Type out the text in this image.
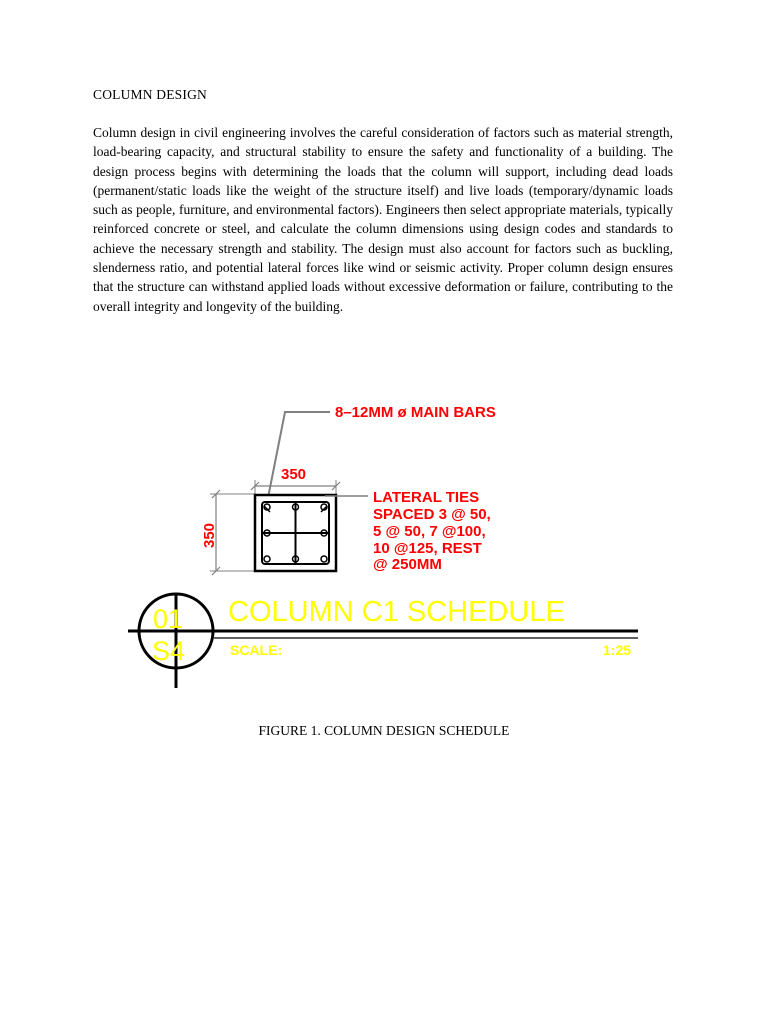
COLUMN DESIGN

Column design in civil engineering involves the careful consideration of factors such as material strength, load-bearing capacity, and structural stability to ensure the safety and functionality of a building. The design process begins with determining the loads that the column will support, including dead loads (permanent/static loads like the weight of the structure itself) and live loads (temporary/dynamic loads such as people, furniture, and environmental factors). Engineers then select appropriate materials, typically reinforced concrete or steel, and calculate the column dimensions using design codes and standards to achieve the necessary strength and stability. The design must also account for factors such as buckling, slenderness ratio, and potential lateral forces like wind or seismic activity. Proper column design ensures that the structure can withstand applied loads without excessive deformation or failure, contributing to the overall integrity and longevity of the building.

8–12MM ø MAIN BARS
350
350
LATERAL TIES
SPACED 3 @ 50,
5 @ 50, 7 @100,
10 @125, REST
@ 250MM
01
S4
COLUMN C1 SCHEDULE
SCALE:	1:25
FIGURE 1. COLUMN DESIGN SCHEDULE
